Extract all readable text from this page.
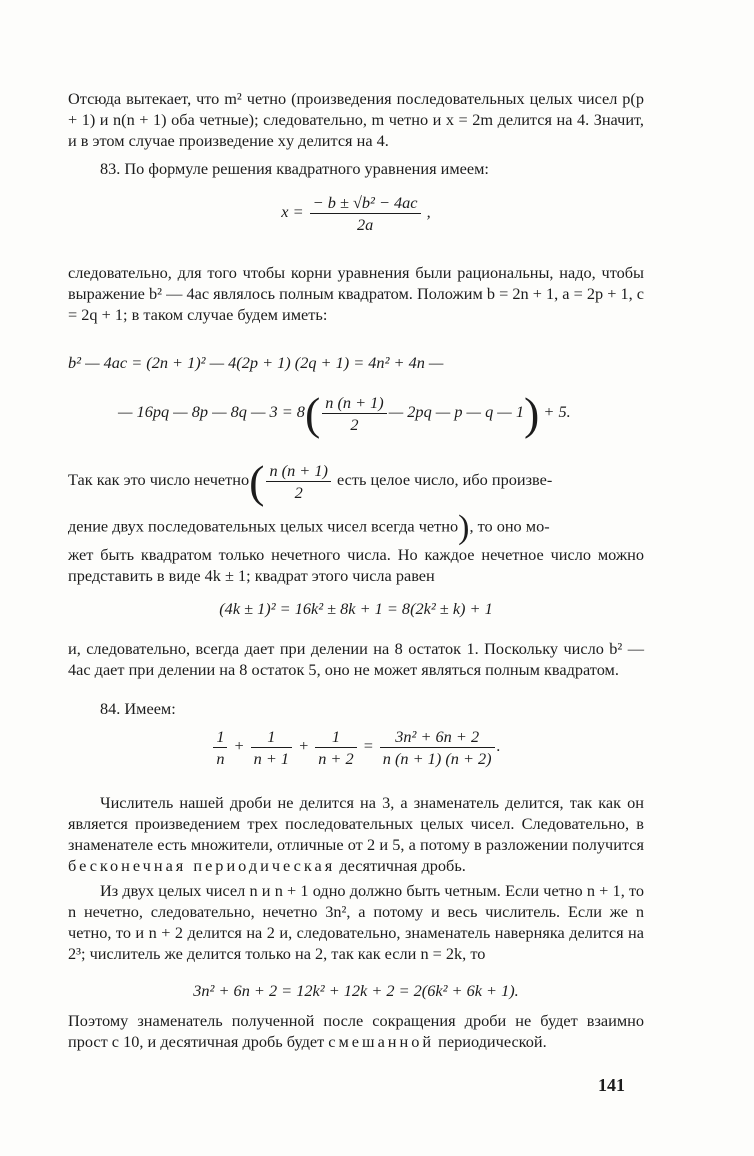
Отсюда вытекает, что m² четно (произведения последовательных целых чисел p(p + 1) и n(n + 1) оба четные); следовательно, m четно и x = 2m делится на 4. Значит, и в этом случае произведение xy делится на 4.

83. По формуле решения квадратного уравнения имеем:

$x = \frac{\text{− b ± √b² − 4ac}}{2a}$ ,

следовательно, для того чтобы корни уравнения были рациональны, надо, чтобы выражение b² — 4ac являлось полным квадратом. Положим b = 2n + 1, a = 2p + 1, c = 2q + 1; в таком случае будем иметь:

b² — 4ac = (2n + 1)² — 4(2p + 1) (2q + 1) = 4n² + 4n —
— 16pq — 8p — 8q — $3 = 8( \frac{n (n + 1)}{2}$ — 2pq — p — q — 1) + 5.
Так как это число нечетно( $\frac{n (n + 1)}{2}$ есть целое число, ибо произве-
дение двух последовательных целых чисел всегда четно), то оно мо-

жет быть квадратом только нечетного числа. Но каждое нечетное число можно представить в виде 4k ± 1; квадрат этого числа равен

(4k ± 1)² = 16k² ± 8k + 1 = 8(2k² ± k) + 1

и, следовательно, всегда дает при делении на 8 остаток 1. Поскольку число b² — 4ac дает при делении на 8 остаток 5, оно не может являться полным квадратом.

84. Имеем:

$\frac{1}{n} + \frac{1}{n + 1} + \frac{1}{n + 2} = \frac{\text{3n² + 6n + 2}}{n (n + 1) (n + 2)}$ .

Числитель нашей дроби не делится на 3, а знаменатель делится, так как он является произведением трех последовательных целых чисел. Следовательно, в знаменателе есть множители, отличные от 2 и 5, а потому в разложении получится бесконечная периодическая десятичная дробь.

Из двух целых чисел n и n + 1 одно должно быть четным. Если четно n + 1, то n нечетно, следовательно, нечетно 3n², а потому и весь числитель. Если же n четно, то и n + 2 делится на 2 и, следовательно, знаменатель наверняка делится на 2³; числитель же делится только на 2, так как если n = 2k, то

3n² + 6n + 2 = 12k² + 12k + 2 = 2(6k² + 6k + 1).

Поэтому знаменатель полученной после сокращения дроби не будет взаимно прост с 10, и десятичная дробь будет смешанной периодической.

141
